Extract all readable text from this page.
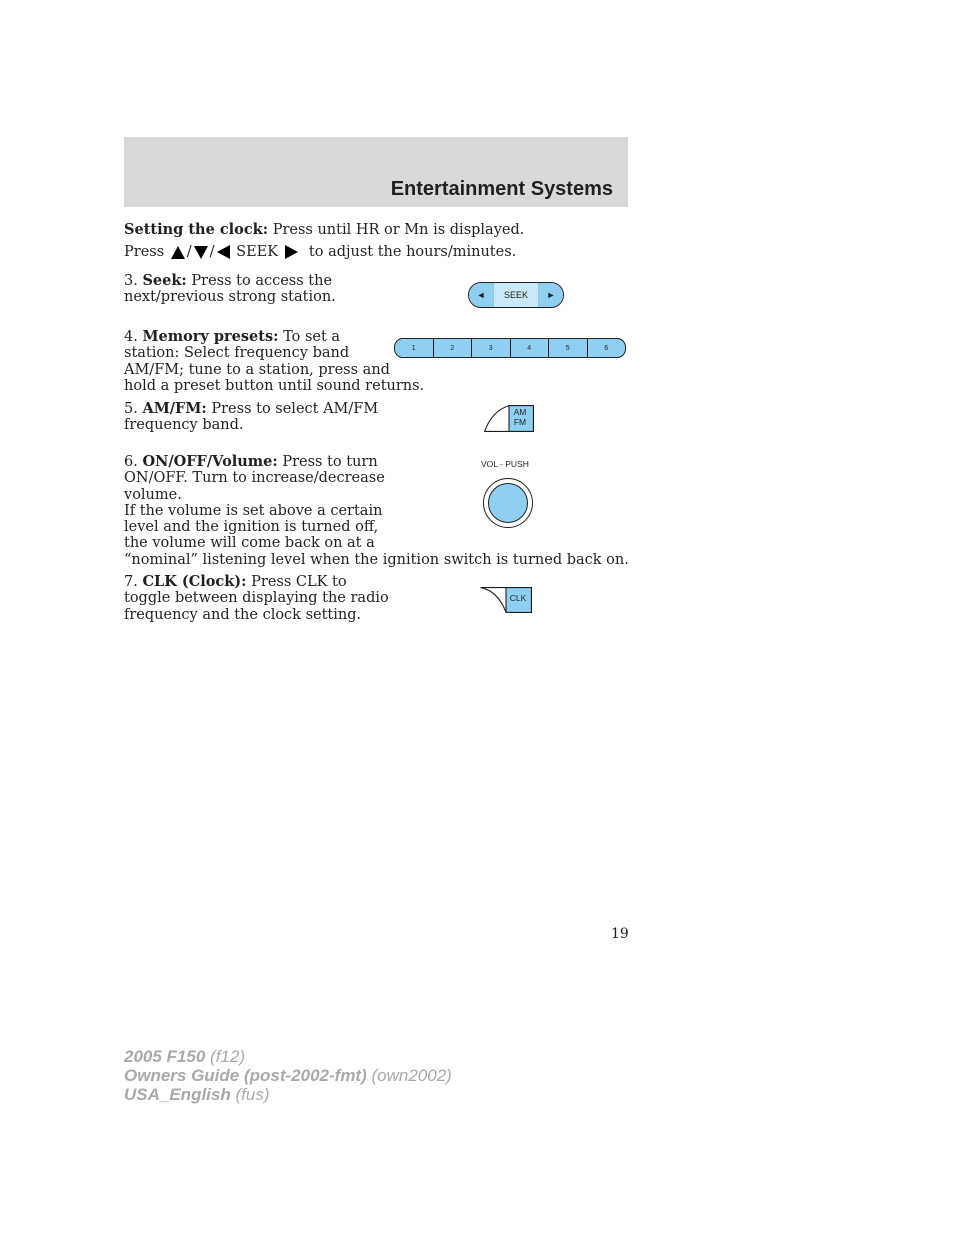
Entertainment Systems
Setting the clock: Press until HR or Mn is displayed.
Press / / SEEK to adjust the hours/minutes.
3. Seek: Press to access the
next/previous strong station.	◄	SEEK	►
4. Memory presets: To set a
station: Select frequency band
AM/FM; tune to a station, press and
hold a preset button until sound returns.
1	2	3	4	5	6
5. AM/FM: Press to select AM/FM
frequency band.
AM
FM
6. ON/OFF/Volume: Press to turn
ON/OFF. Turn to increase/decrease
volume.
If the volume is set above a certain
level and the ignition is turned off,
the volume will come back on at a
“nominal” listening level when the ignition switch is turned back on.
VOL - PUSH
7. CLK (Clock): Press CLK to
toggle between displaying the radio
frequency and the clock setting.
CLK
19
2005 F150 (f12)
Owners Guide (post-2002-fmt) (own2002)
USA_English (fus)
